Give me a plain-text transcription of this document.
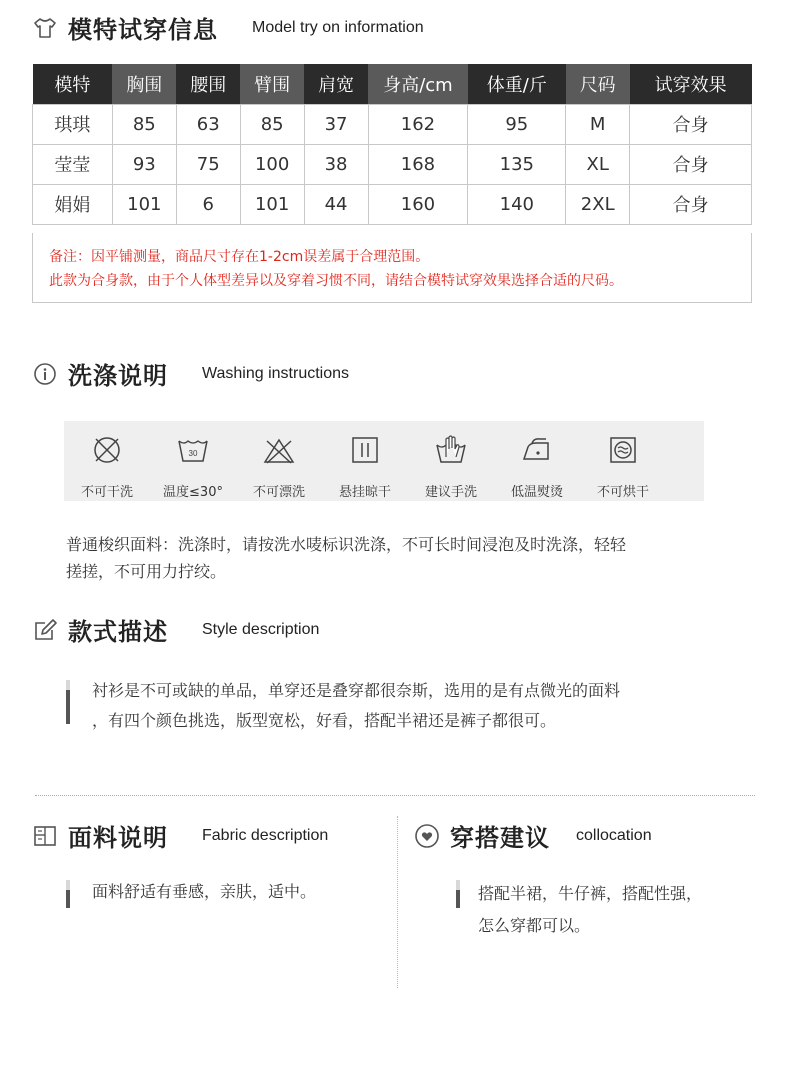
模特试穿信息 Model try on information
模特	胸围	腰围	臂围	肩宽	身高/cm	体重/斤	尺码	试穿效果
琪琪	85	63	85	37	162	95	M	合身
莹莹	93	75	100	38	168	135	XL	合身
娟娟	101	6	101	44	160	140	2XL	合身

备注：因平铺测量，商品尺寸存在1-2cm误差属于合理范围。

此款为合身款，由于个人体型差异以及穿着习惯不同，请结合模特试穿效果选择合适的尺码。

洗涤说明 Washing instructions
不可干洗
30
温度≤30° 不可漂洗	悬挂晾干	建议手洗	低温熨烫	不可烘干
普通梭织面料：洗涤时，请按洗水唛标识洗涤，不可长时间浸泡及时洗涤，轻轻
搓搓，不可用力拧绞。
款式描述 Style description
衬衫是不可或缺的单品，单穿还是叠穿都很奈斯，选用的是有点微光的面料
，有四个颜色挑选，版型宽松，好看，搭配半裙还是裤子都很可。
面料说明 Fabric description
面料舒适有垂感，亲肤，适中。
穿搭建议 collocation
搭配半裙，牛仔裤，搭配性强，
怎么穿都可以。
